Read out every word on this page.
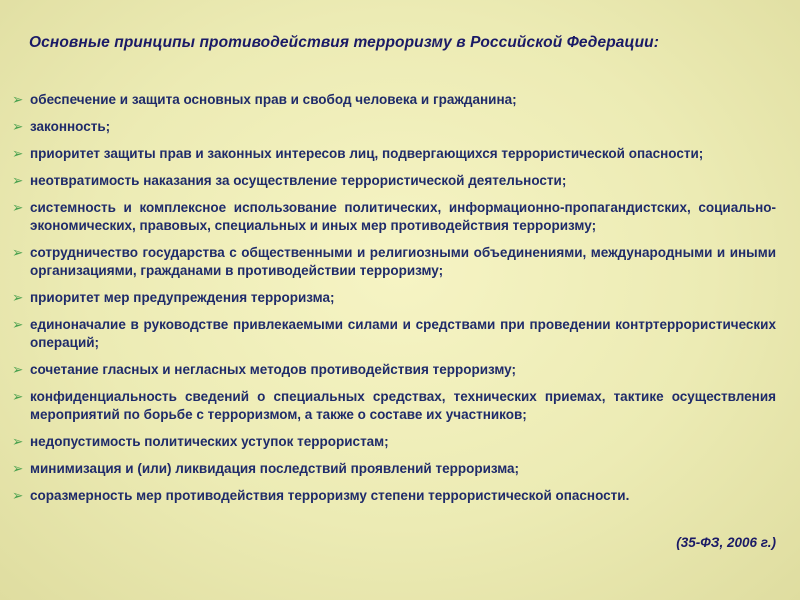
Основные принципы противодействия терроризму в Российской Федерации:
➢ обеспечение и защита основных прав и свобод человека и гражданина;
➢ законность;
➢ приоритет защиты прав и законных интересов лиц, подвергающихся террористической опасности;
➢ неотвратимость наказания за осуществление террористической деятельности;
➢ системность и комплексное использование политических, информационно-пропагандистских, социально-экономических, правовых, специальных и иных мер противодействия терроризму;
➢ сотрудничество государства с общественными и религиозными объединениями, международными и иными организациями, гражданами в противодействии терроризму;
➢ приоритет мер предупреждения терроризма;
➢ единоначалие в руководстве привлекаемыми силами и средствами при проведении контртеррористических операций;
➢ сочетание гласных и негласных методов противодействия терроризму;
➢ конфиденциальность сведений о специальных средствах, технических приемах, тактике осуществления мероприятий по борьбе с терроризмом, а также о составе их участников;
➢ недопустимость политических уступок террористам;
➢ минимизация и (или) ликвидация последствий проявлений терроризма;
➢ соразмерность мер противодействия терроризму степени террористической опасности.
(35-ФЗ, 2006 г.)
